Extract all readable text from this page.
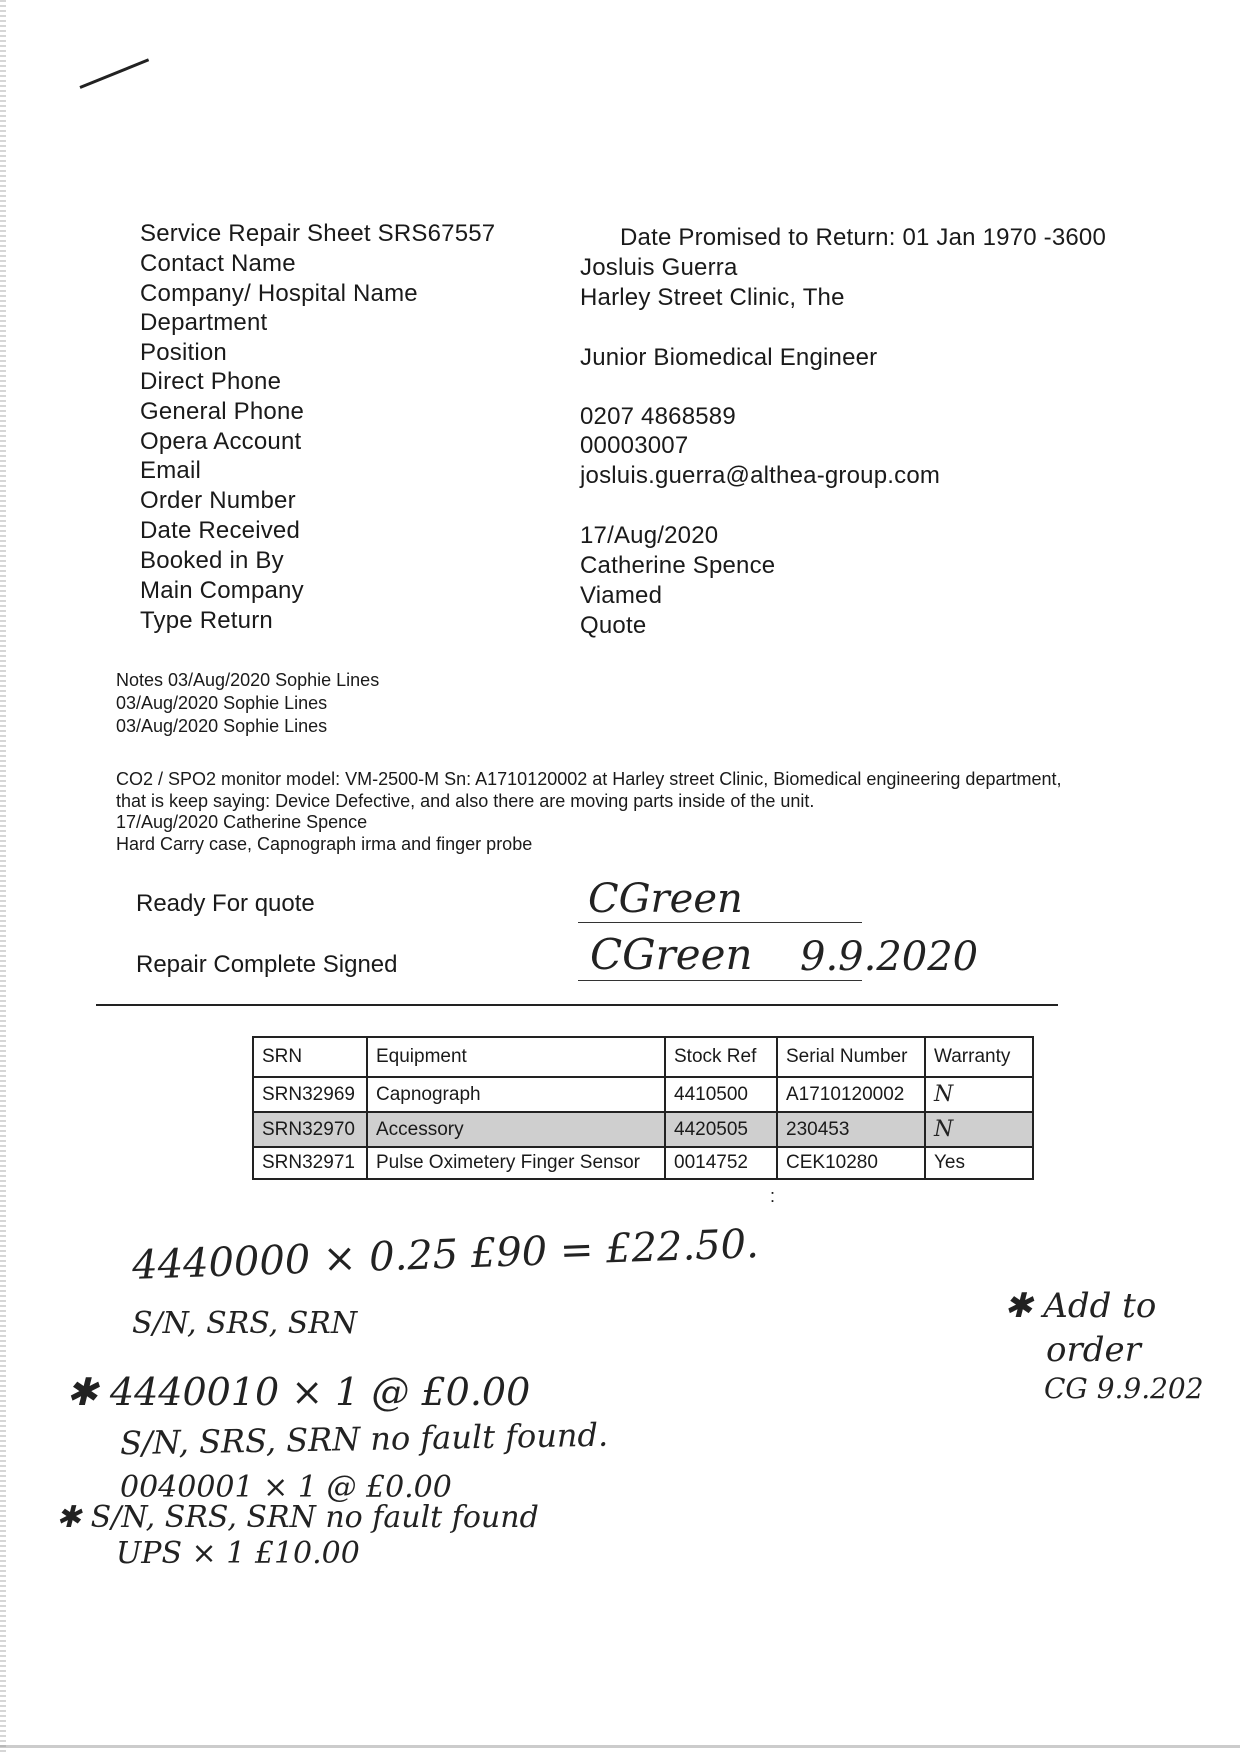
Service Repair Sheet SRS67557	Date Promised to Return: 01 Jan 1970 -3600
Contact Name	Josluis Guerra
Company/ Hospital Name	Harley Street Clinic, The
Department
Position	Junior Biomedical Engineer
Direct Phone
General Phone	0207 4868589
Opera Account	00003007
Email	josluis.guerra@althea-group.com
Order Number
Date Received	17/Aug/2020
Booked in By	Catherine Spence
Main Company	Viamed
Type Return	Quote
Notes 03/Aug/2020 Sophie Lines
03/Aug/2020 Sophie Lines
03/Aug/2020 Sophie Lines
CO2 / SPO2 monitor model: VM-2500-M Sn: A1710120002 at Harley street Clinic, Biomedical engineering department,
that is keep saying: Device Defective, and also there are moving parts inside of the unit.
17/Aug/2020 Catherine Spence
Hard Carry case, Capnograph irma and finger probe
Ready For quote	CGreen
Repair Complete Signed	CGreen 9.9.2020
SRN	Equipment	Stock Ref	Serial Number	Warranty
SRN32969	Capnograph	4410500	A1710120002	N
SRN32970	Accessory	4420505	230453	N
SRN32971	Pulse Oximetery Finger Sensor	0014752	CEK10280	Yes
:
4440000 × 0.25 £90 = £22.50.
S/N, SRS, SRN
✱ 4440010 × 1 @ £0.00
S/N, SRS, SRN no fault found.
0040001 × 1 @ £0.00
✱ S/N, SRS, SRN no fault found
UPS × 1 £10.00
✱ Add to
order
CG 9.9.202
